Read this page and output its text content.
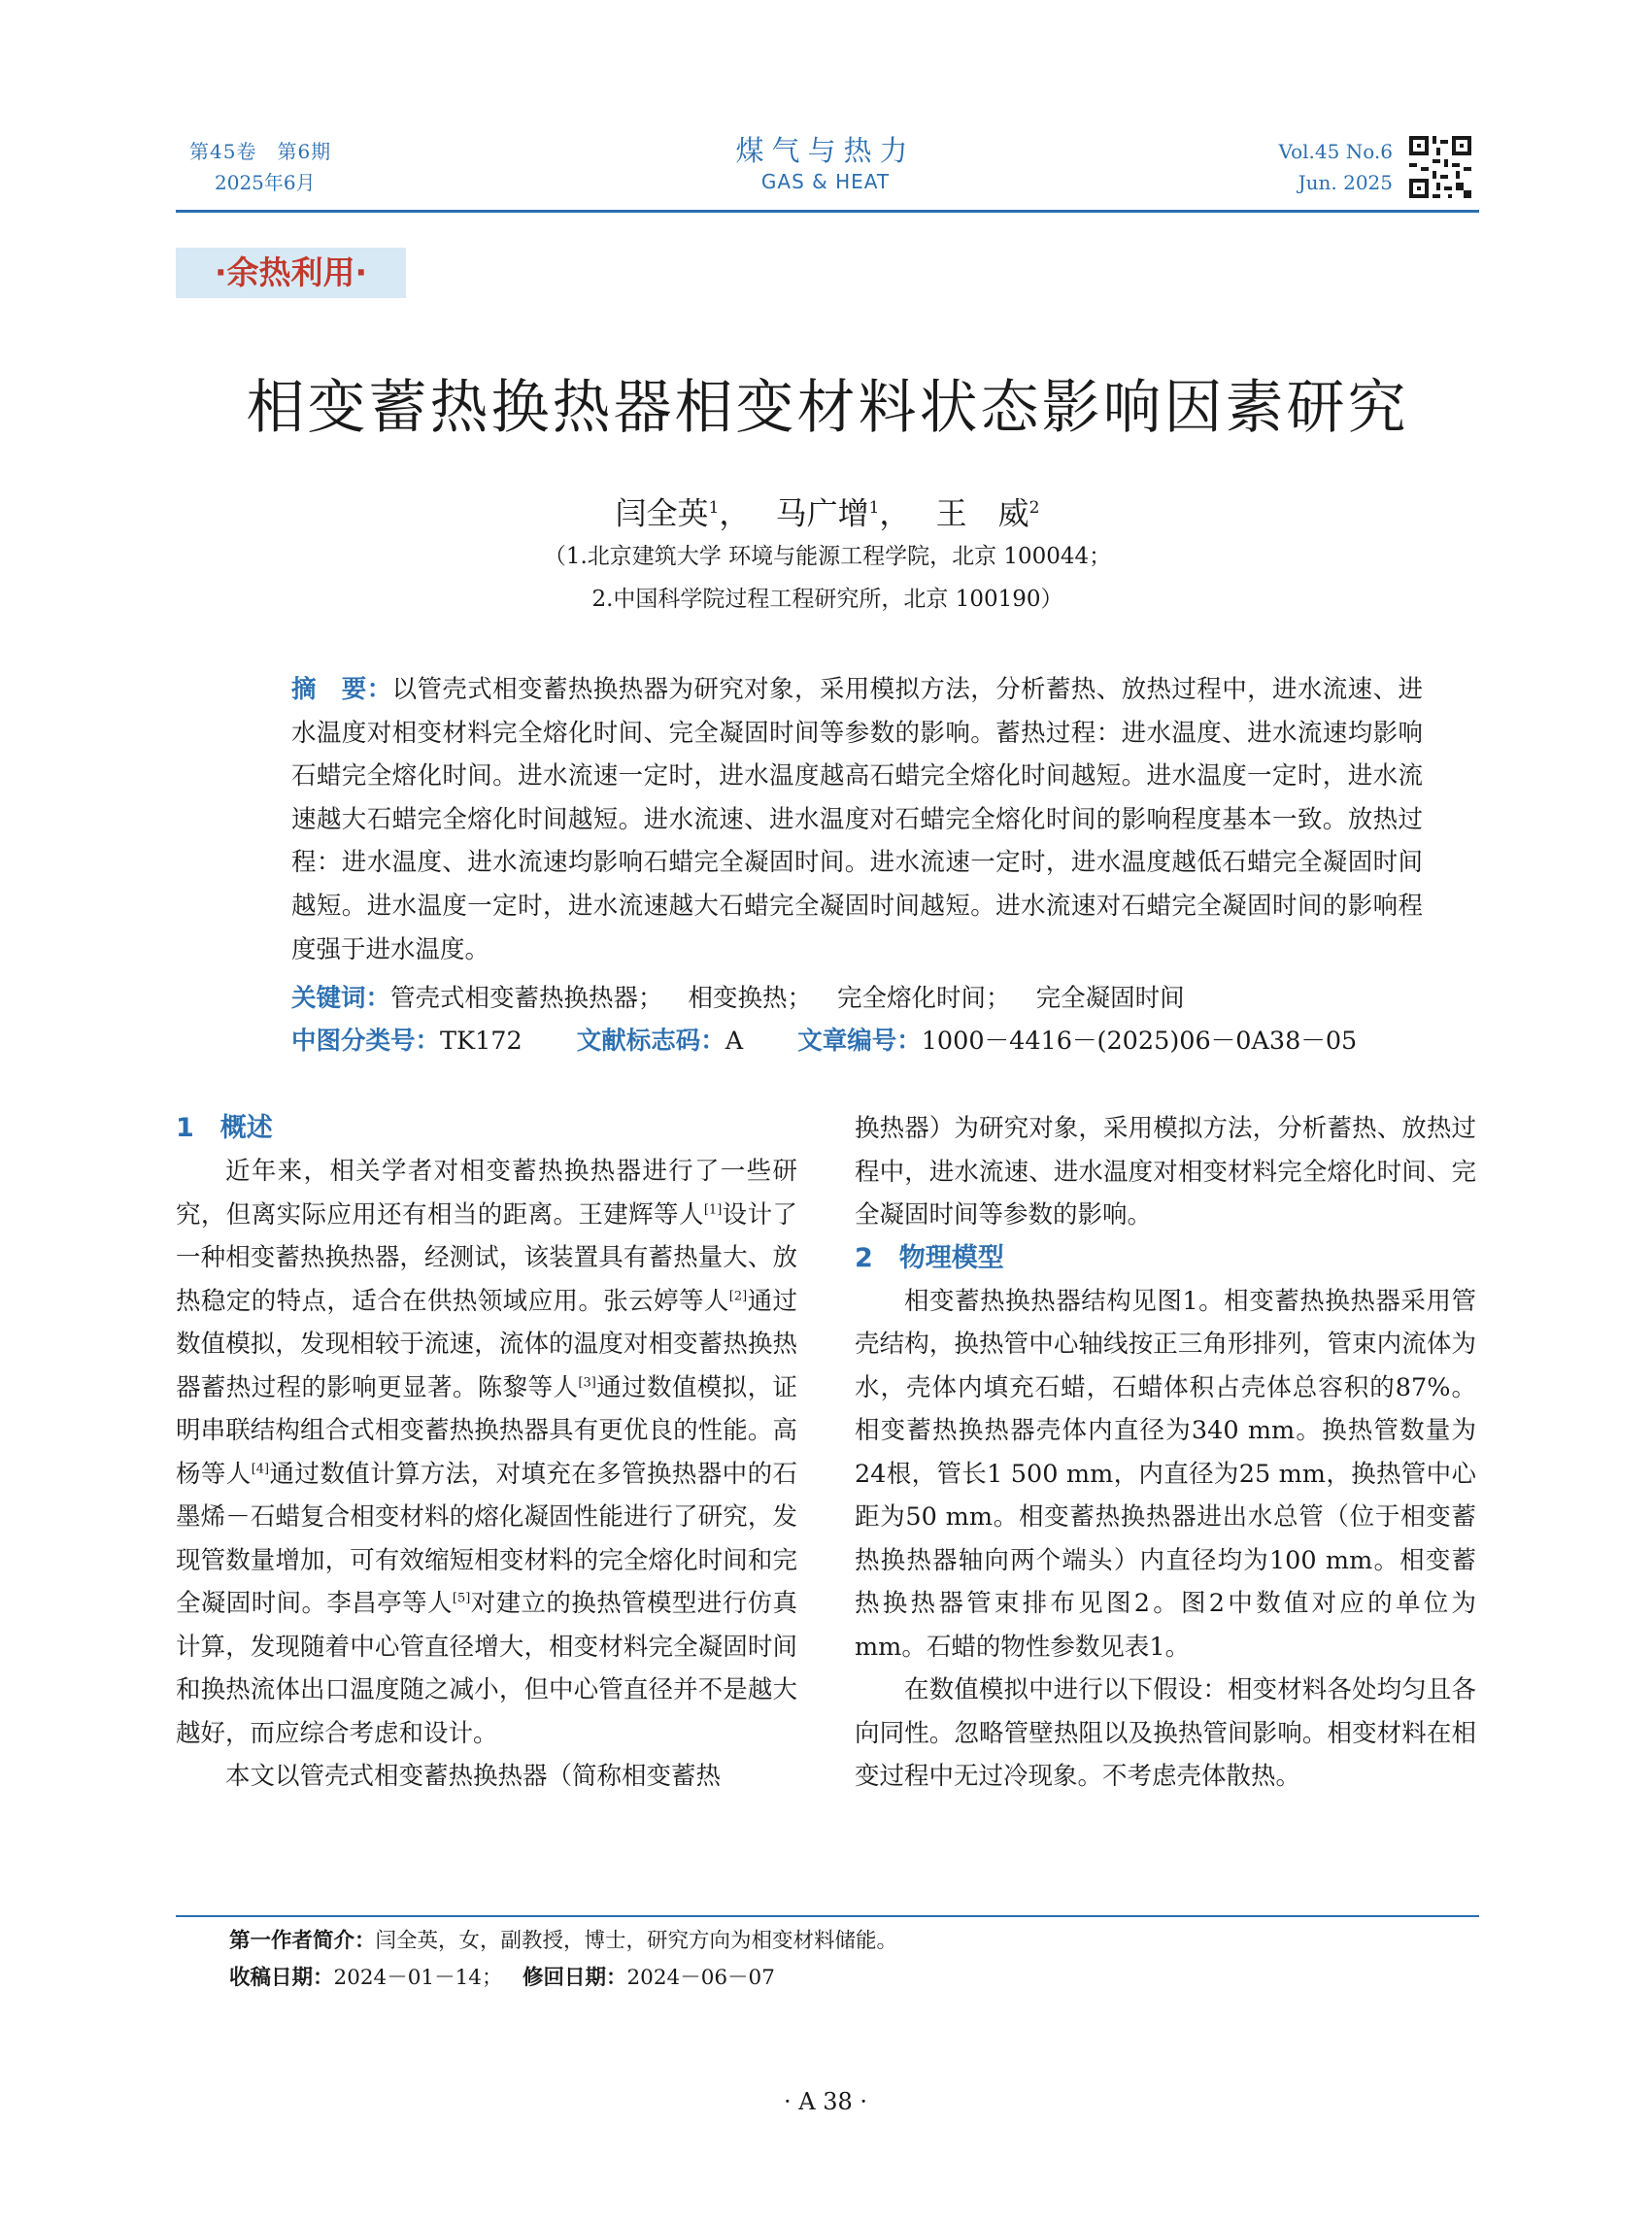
第45卷　第6期
2025年6月
煤气与热力
GAS & HEAT
Vol.45 No.6
Jun. 2025
·余热利用·
相变蓄热换热器相变材料状态影响因素研究
闫全英$^1$，　 马广增$^1$，　 王　威$^2$
（1.北京建筑大学 环境与能源工程学院，北京 100044；
2.中国科学院过程工程研究所，北京 100190）
摘　要：以管壳式相变蓄热换热器为研究对象，采用模拟方法，分析蓄热、放热过程中，进水流速、进水温度对相变材料完全熔化时间、完全凝固时间等参数的影响。蓄热过程：进水温度、进水流速均影响石蜡完全熔化时间。进水流速一定时，进水温度越高石蜡完全熔化时间越短。进水温度一定时，进水流速越大石蜡完全熔化时间越短。进水流速、进水温度对石蜡完全熔化时间的影响程度基本一致。放热过程：进水温度、进水流速均影响石蜡完全凝固时间。进水流速一定时，进水温度越低石蜡完全凝固时间越短。进水温度一定时，进水流速越大石蜡完全凝固时间越短。进水流速对石蜡完全凝固时间的影响程度强于进水温度。
关键词：管壳式相变蓄热换热器； 相变换热； 完全熔化时间； 完全凝固时间
中图分类号：TK172 文献标志码：A 文章编号：1000－4416－(2025)06－0A38－05
1　概述

近年来，相关学者对相变蓄热换热器进行了一些研究，但离实际应用还有相当的距离。王建辉等人[1]设计了一种相变蓄热换热器，经测试，该装置具有蓄热量大、放热稳定的特点，适合在供热领域应用。张云婷等人[2]通过数值模拟，发现相较于流速，流体的温度对相变蓄热换热器蓄热过程的影响更显著。陈黎等人[3]通过数值模拟，证明串联结构组合式相变蓄热换热器具有更优良的性能。高杨等人[4]通过数值计算方法，对填充在多管换热器中的石墨烯－石蜡复合相变材料的熔化凝固性能进行了研究，发现管数量增加，可有效缩短相变材料的完全熔化时间和完全凝固时间。李昌亭等人[5]对建立的换热管模型进行仿真计算，发现随着中心管直径增大，相变材料完全凝固时间和换热流体出口温度随之减小，但中心管直径并不是越大越好，而应综合考虑和设计。

本文以管壳式相变蓄热换热器（简称相变蓄热

换热器）为研究对象，采用模拟方法，分析蓄热、放热过程中，进水流速、进水温度对相变材料完全熔化时间、完全凝固时间等参数的影响。

2　物理模型

相变蓄热换热器结构见图1。相变蓄热换热器采用管壳结构，换热管中心轴线按正三角形排列，管束内流体为水，壳体内填充石蜡，石蜡体积占壳体总容积的87%。相变蓄热换热器壳体内直径为340 mm。换热管数量为24根，管长1 500 mm，内直径为25 mm，换热管中心距为50 mm。相变蓄热换热器进出水总管（位于相变蓄热换热器轴向两个端头）内直径均为100 mm。相变蓄热换热器管束排布见图2。图2中数值对应的单位为mm。石蜡的物性参数见表1。

在数值模拟中进行以下假设：相变材料各处均匀且各向同性。忽略管壁热阻以及换热管间影响。相变材料在相变过程中无过冷现象。不考虑壳体散热。

第一作者简介：闫全英，女，副教授，博士，研究方向为相变材料储能。
收稿日期：2024－01－14； 修回日期：2024－06－07
· A 38 ·
